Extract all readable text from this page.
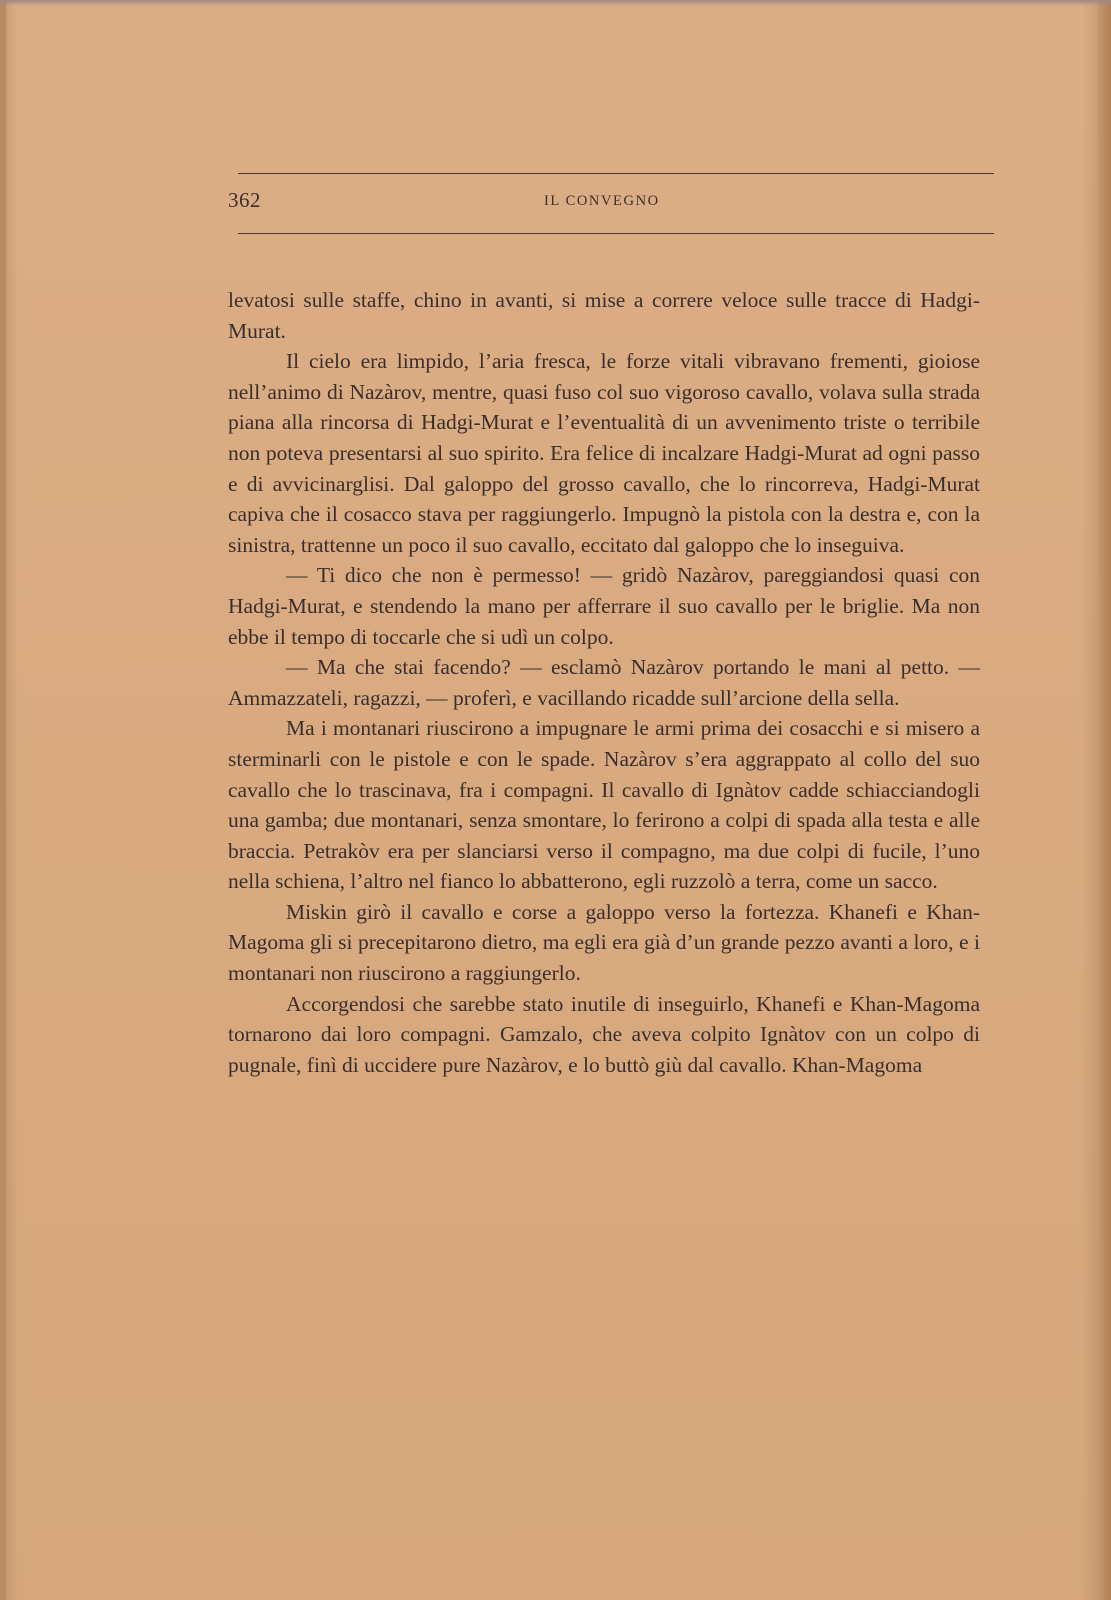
362	IL CONVEGNO

levatosi sulle staffe, chino in avanti, si mise a correre veloce sulle tracce di Hadgi-Murat.

Il cielo era limpido, l’aria fresca, le forze vitali vibravano frementi, gioiose nell’animo di Nazàrov, mentre, quasi fuso col suo vigoroso cavallo, volava sulla strada piana alla rincorsa di Hadgi-Murat e l’eventualità di un avvenimento triste o terribile non poteva presentarsi al suo spirito. Era felice di incalzare Hadgi-Murat ad ogni passo e di avvicinarglisi. Dal galoppo del grosso cavallo, che lo rincorreva, Hadgi-Murat capiva che il cosacco stava per raggiungerlo. Impugnò la pistola con la destra e, con la sinistra, trattenne un poco il suo cavallo, eccitato dal galoppo che lo inseguiva.

— Ti dico che non è permesso! — gridò Nazàrov, pareggiandosi quasi con Hadgi-Murat, e stendendo la mano per afferrare il suo cavallo per le briglie. Ma non ebbe il tempo di toccarle che si udì un colpo.

— Ma che stai facendo? — esclamò Nazàrov portando le mani al petto. — Ammazzateli, ragazzi, — proferì, e vacillando ricadde sull’arcione della sella.

Ma i montanari riuscirono a impugnare le armi prima dei cosacchi e si misero a sterminarli con le pistole e con le spade. Nazàrov s’era aggrappato al collo del suo cavallo che lo trascinava, fra i compagni. Il cavallo di Ignàtov cadde schiacciandogli una gamba; due montanari, senza smontare, lo ferirono a colpi di spada alla testa e alle braccia. Petrakòv era per slanciarsi verso il compagno, ma due colpi di fucile, l’uno nella schiena, l’altro nel fianco lo abbatterono, egli ruzzolò a terra, come un sacco.

Miskin girò il cavallo e corse a galoppo verso la fortezza. Khanefi e Khan-Magoma gli si precepitarono dietro, ma egli era già d’un grande pezzo avanti a loro, e i montanari non riuscirono a raggiungerlo.

Accorgendosi che sarebbe stato inutile di inseguirlo, Khanefi e Khan-Magoma tornarono dai loro compagni. Gamzalo, che aveva colpito Ignàtov con un colpo di pugnale, finì di uccidere pure Nazàrov, e lo buttò giù dal cavallo. Khan-Magoma
